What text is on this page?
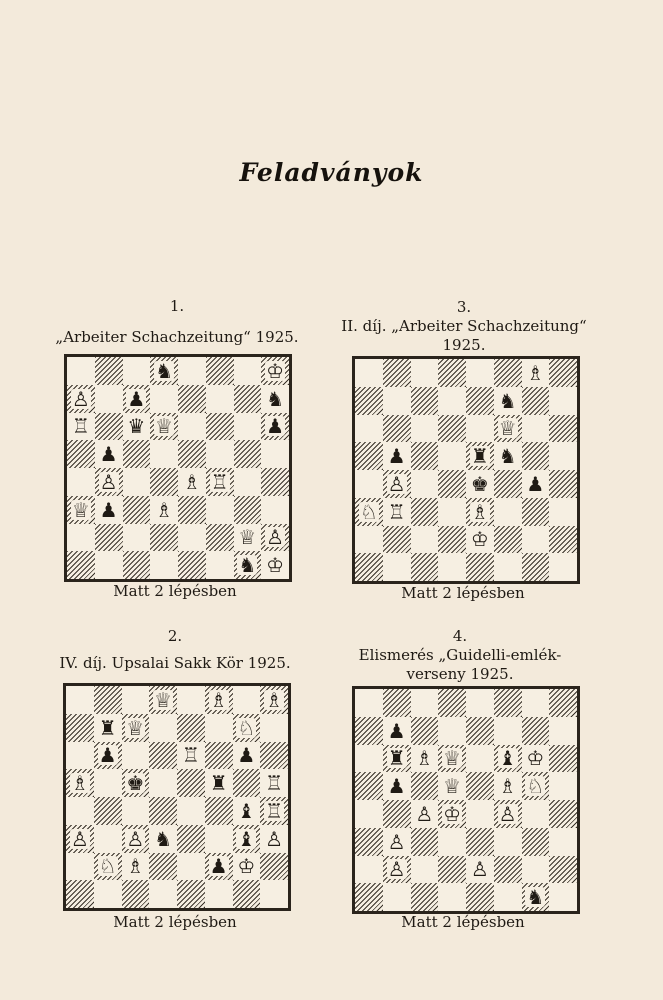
Feladványok
1.
„Arbeiter Schachzeitung“ 1925.
♞	♔
♙ ♟	♞
♖ ♛ ♕	♟
♟
♙	♗ ♖
♕ ♟ ♗
♕ ♙
♞ ♔
Matt 2 lépésben
2.
IV. díj. Upsalai Sakk Kör 1925.
♕ ♗ ♗
♜ ♕	♘
♟	♖ ♟
♗ ♚	♜ ♖
♝ ♖
♙ ♙ ♞	♝ ♙
♘ ♗	♟ ♔
Matt 2 lépésben
3.
II. díj. „Arbeiter Schachzeitung“ 1925.
♗
♞
♕
♟	♜ ♞
♙	♚ ♟
♘ ♖	♗
♔
Matt 2 lépésben
4.
Elismerés „Guidelli-emlék-verseny 1925.
♟
♜ ♗ ♕ ♝ ♔
♟ ♕ ♗ ♘
♙ ♔ ♙
♙
♙	♙
♞
Matt 2 lépésben
